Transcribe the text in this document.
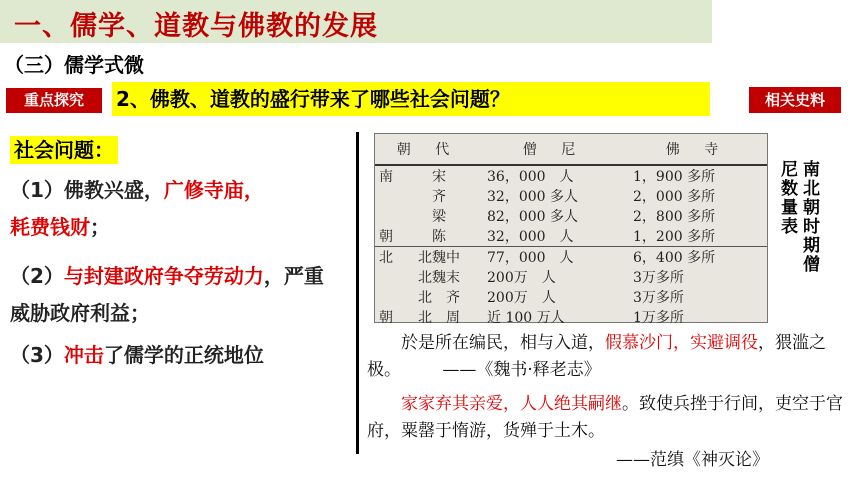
一、儒学、道教与佛教的发展
（三）儒学式微
重点探究	2、佛教、道教的盛行带来了哪些社会问题？	相关史料
社会问题：
（1）佛教兴盛，广修寺庙，
耗费钱财；
（2）与封建政府争夺劳动力，严重威胁政府利益；
（3）冲击了儒学的正统地位
朝 代		僧 尼	佛 寺
南	宋	36，000　人	1，900 多所
	齐	32，000 多人	2，000 多所
	梁	82，000 多人	2，800 多所
朝	陈	32，000　人	1，200 多所
北	北魏中	77，000　人	6，400 多所
	北魏末	200万　人	3万多所
	北　齐	200万　人	3万多所
朝	北　周	近 100 万人	1万多所
南北朝时期僧尼数量表
於是所在编民，相与入道，假慕沙门，实避调役，猥滥之极。 ——《魏书·释老志》
家家弃其亲爱，人人绝其嗣继。致使兵挫于行间，吏空于官府，粟罄于惰游，货殚于土木。
——范缜《神灭论》
